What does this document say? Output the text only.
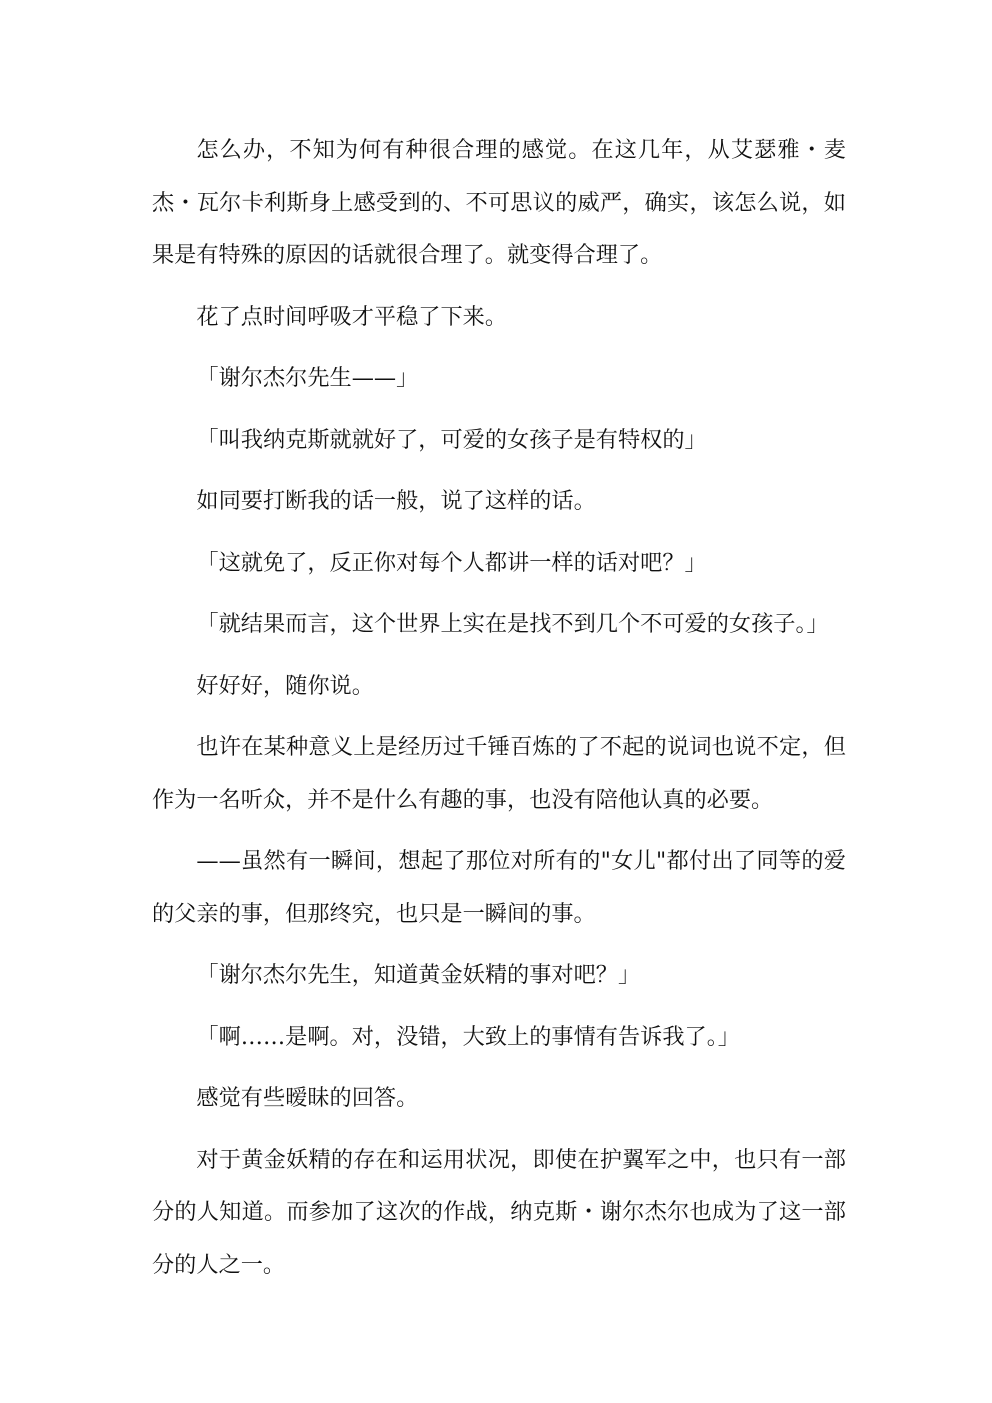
怎么办，不知为何有种很合理的感觉。在这几年，从艾瑟雅・麦杰・瓦尔卡利斯身上感受到的、不可思议的威严，确实，该怎么说，如果是有特殊的原因的话就很合理了。就变得合理了。

花了点时间呼吸才平稳了下来。

「谢尔杰尔先生——」

「叫我纳克斯就就好了，可爱的女孩子是有特权的」

如同要打断我的话一般，说了这样的话。

「这就免了，反正你对每个人都讲一样的话对吧？」

「就结果而言，这个世界上实在是找不到几个不可爱的女孩子。」

好好好，随你说。

也许在某种意义上是经历过千锤百炼的了不起的说词也说不定，但作为一名听众，并不是什么有趣的事，也没有陪他认真的必要。

——虽然有一瞬间，想起了那位对所有的"女儿"都付出了同等的爱的父亲的事，但那终究，也只是一瞬间的事。

「谢尔杰尔先生，知道黄金妖精的事对吧？」

「啊……是啊。对，没错，大致上的事情有告诉我了。」

感觉有些暧昧的回答。

对于黄金妖精的存在和运用状况，即使在护翼军之中，也只有一部分的人知道。而参加了这次的作战，纳克斯・谢尔杰尔也成为了这一部分的人之一。
